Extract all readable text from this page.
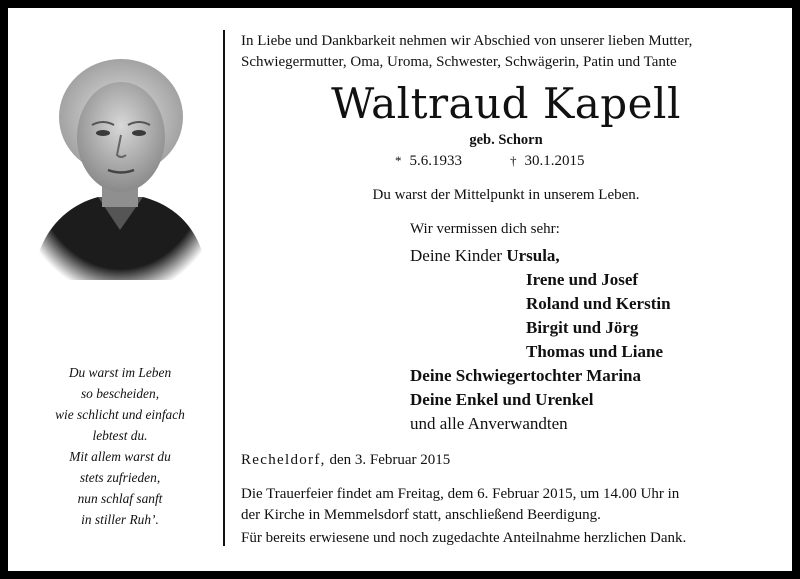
Du warst im Leben
so bescheiden,
wie schlicht und einfach
lebtest du.
Mit allem warst du
stets zufrieden,
nun schlaf sanft
in stiller Ruh’.
In Liebe und Dankbarkeit nehmen wir Abschied von unserer lieben Mutter,
Schwiegermutter, Oma, Uroma, Schwester, Schwägerin, Patin und Tante
Waltraud Kapell
geb. Schorn
* 5.6.1933	† 30.1.2015
Du warst der Mittelpunkt in unserem Leben.
Wir vermissen dich sehr:
Deine Kinder Ursula,
Irene und Josef
Roland und Kerstin
Birgit und Jörg
Thomas und Liane
Deine Schwiegertochter Marina
Deine Enkel und Urenkel
und alle Anverwandten
Recheldorf, den 3. Februar 2015
Die Trauerfeier findet am Freitag, dem 6. Februar 2015, um 14.00 Uhr in
der Kirche in Memmelsdorf statt, anschließend Beerdigung.
Für bereits erwiesene und noch zugedachte Anteilnahme herzlichen Dank.
